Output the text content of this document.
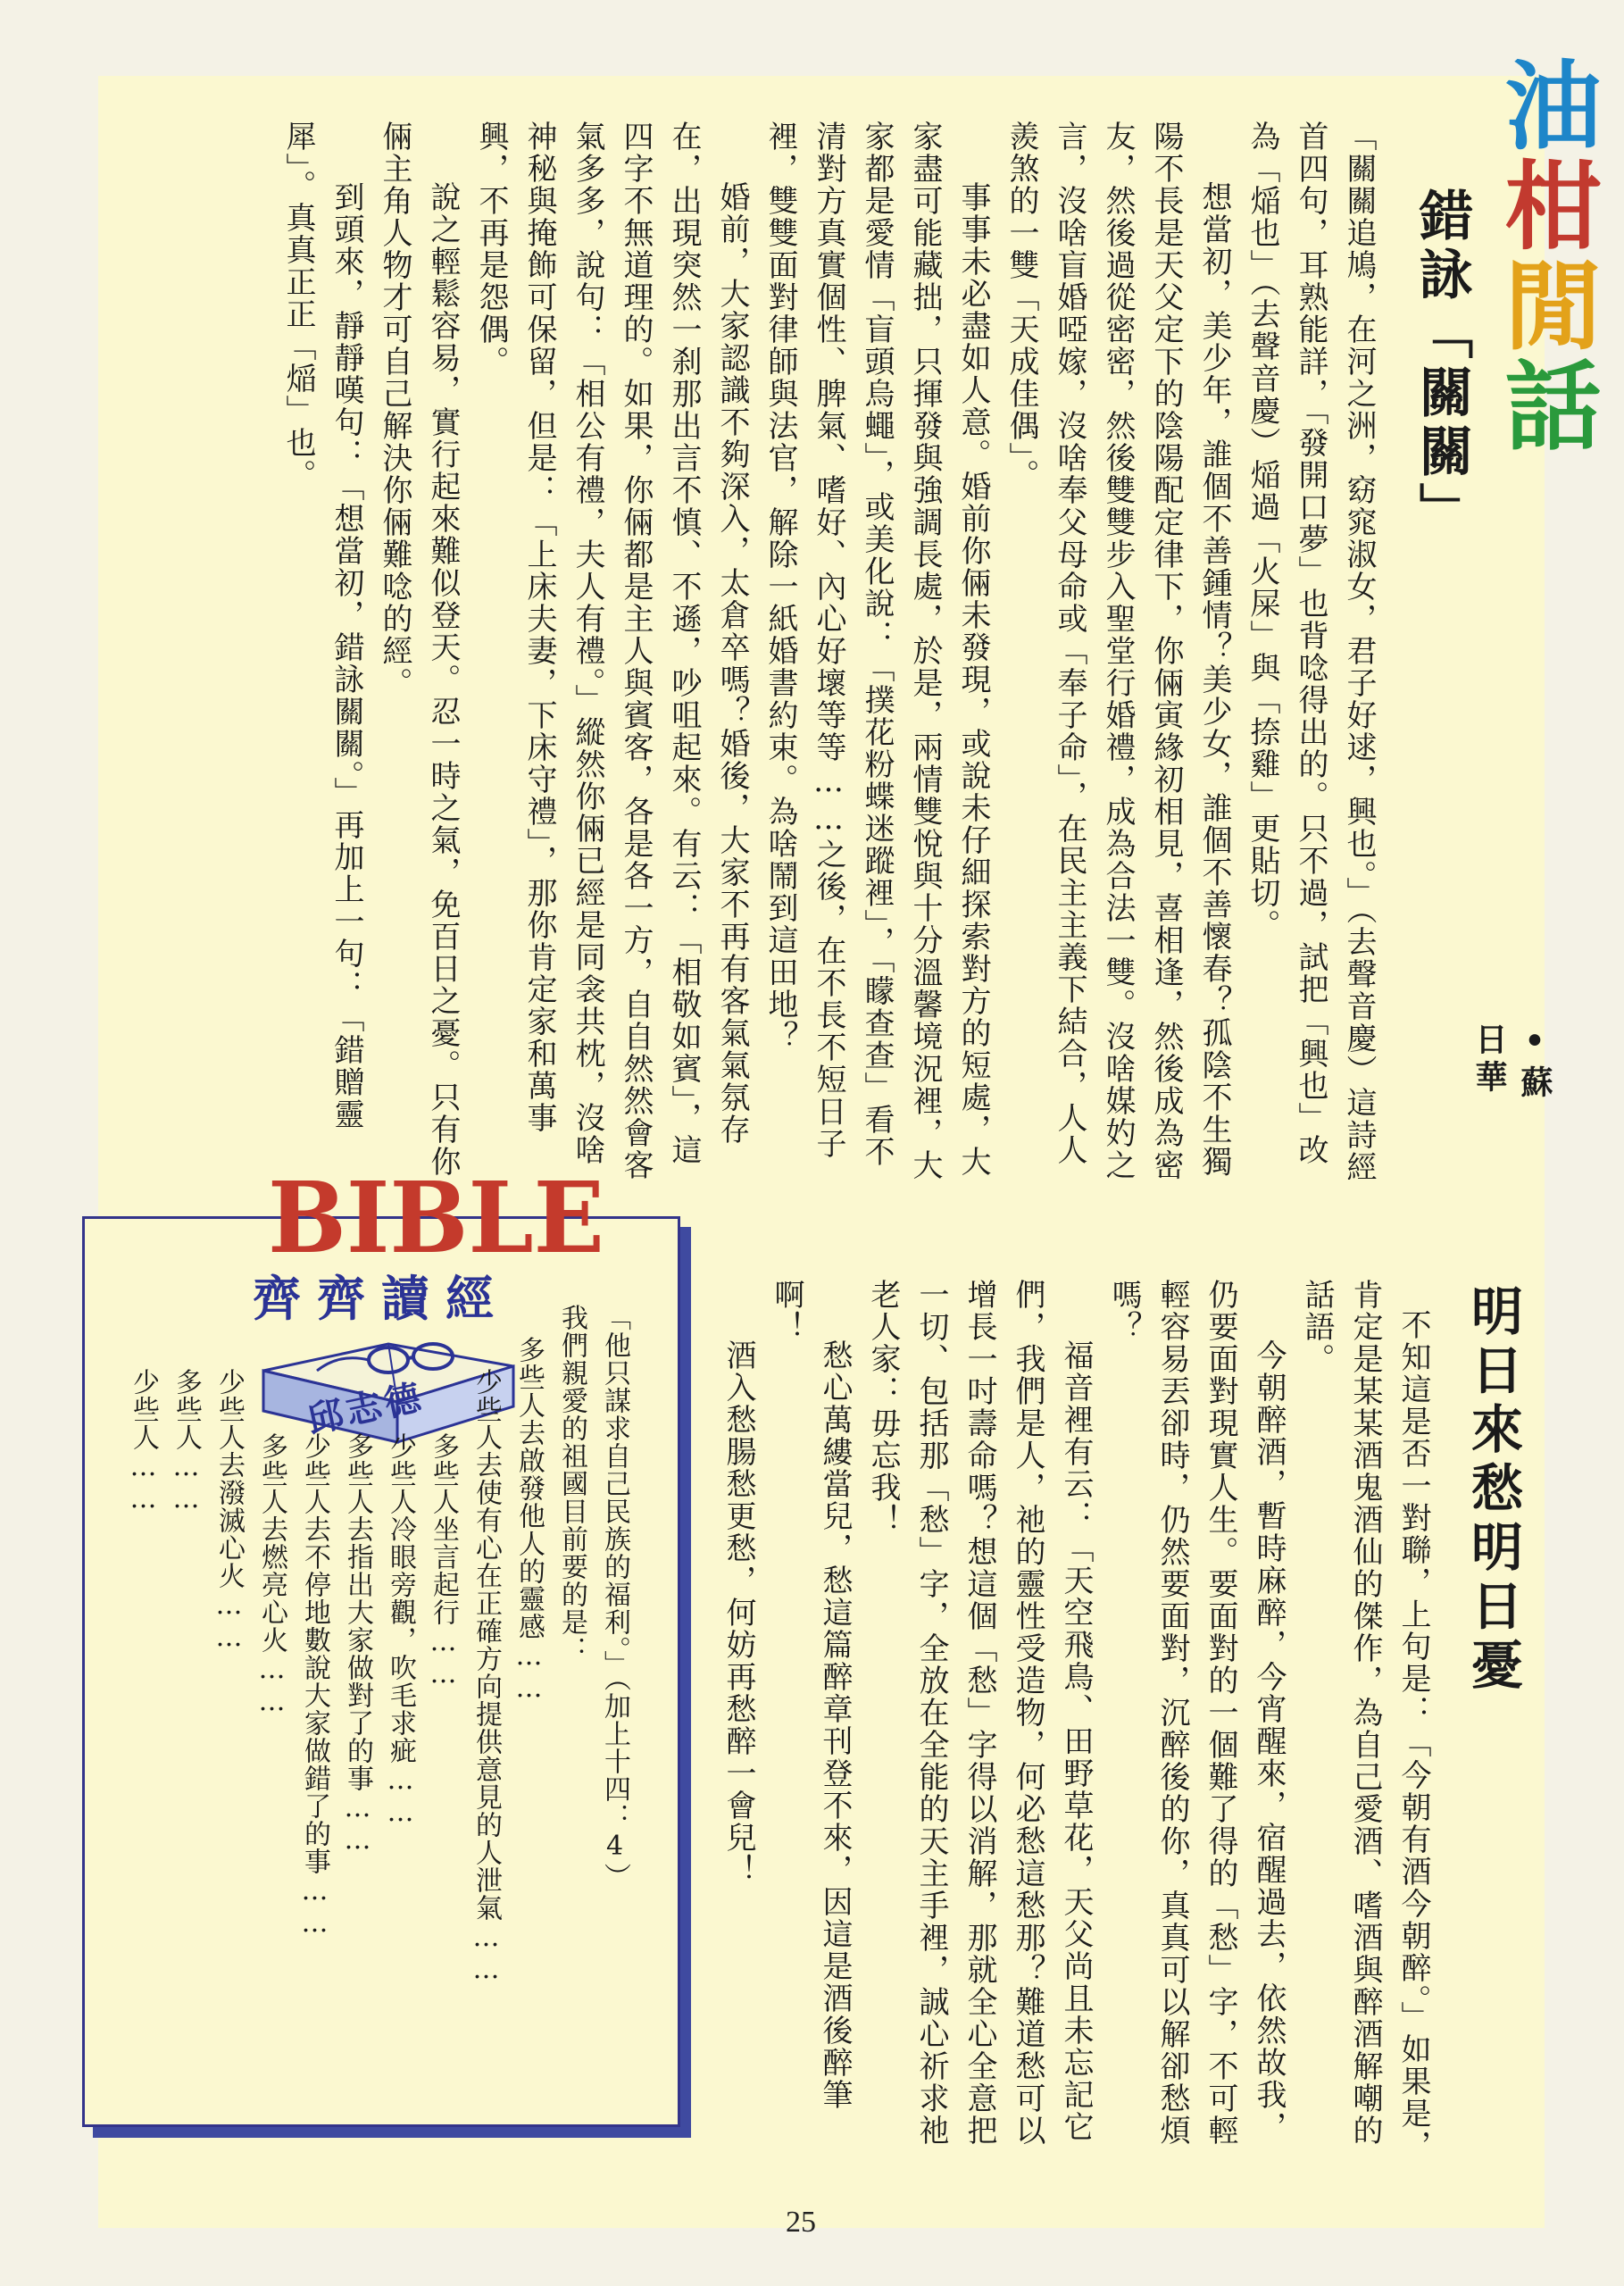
油柑閒話
錯詠「關關」
•蘇日華

「關關追鳩，在河之洲，窈窕淑女，君子好逑，興也。」（去聲音慶）這詩經首四句，耳熟能詳，「發開口夢」也背唸得出的。只不過，試把「興也」改為「㷔也」（去聲音慶）㷔過「火屎」與「捺雞」更貼切。

想當初，美少年，誰個不善鍾情？美少女，誰個不善懷春？孤陰不生獨陽不長是天父定下的陰陽配定律下，你倆寅緣初相見，喜相逢，然後成為密友，然後過從密密，然後雙雙步入聖堂行婚禮，成為合法一雙。沒啥媒妁之言，沒啥盲婚啞嫁，沒啥奉父母命或「奉子命」，在民主主義下結合，人人羨煞的一雙「天成佳偶」。

事事未必盡如人意。婚前你倆未發現，或說未仔細探索對方的短處，大家盡可能藏拙，只揮發與強調長處，於是，兩情雙悅與十分溫馨境況裡，大家都是愛情「盲頭烏蠅」，或美化說：「撲花粉蝶迷蹤裡」，「矇查查」看不清對方真實個性、脾氣、嗜好、內心好壞等等……之後，在不長不短日子裡，雙雙面對律師與法官，解除一紙婚書約束。為啥鬧到這田地？

婚前，大家認識不夠深入，太倉卒嗎？婚後，大家不再有客氣氣氛存在，出現突然一刹那出言不慎、不遜，吵咀起來。有云：「相敬如賓」，這四字不無道理的。如果，你倆都是主人與賓客，各是各一方，自自然然會客氣多多，說句：「相公有禮，夫人有禮。」縱然你倆已經是同衾共枕，沒啥神秘與掩飾可保留，但是：「上床夫妻，下床守禮」，那你肯定家和萬事興，不再是怨偶。

說之輕鬆容易，實行起來難似登天。忍一時之氣，免百日之憂。只有你倆主角人物才可自己解決你倆難唸的經。

到頭來，靜靜嘆句：「想當初，錯詠關關。」再加上一句：「錯贈靈犀」。真真正正「㷔」也。

明日來愁明日憂

不知這是否一對聯，上句是：「今朝有酒今朝醉。」如果是，肯定是某某酒鬼酒仙的傑作，為自己愛酒、嗜酒與醉酒解嘲的話語。

今朝醉酒，暫時麻醉，今宵醒來，宿醒過去，依然故我，仍要面對現實人生。要面對的一個難了得的「愁」字，不可輕輕容易丟卻時，仍然要面對，沉醉後的你，真真可以解卻愁煩嗎？

福音裡有云：「天空飛鳥、田野草花，天父尚且未忘記它們，我們是人，祂的靈性受造物，何必愁這愁那？難道愁可以增長一吋壽命嗎？想這個「愁」字得以消解，那就全心全意把一切、包括那「愁」字，全放在全能的天主手裡，誠心祈求祂老人家：毋忘我！

愁心萬縷當兒，愁這篇醉章刊登不來，因這是酒後醉筆啊！

酒入愁腸愁更愁，何妨再愁醉一會兒！

BIBLE
齊齊讀經
邱志德	「他只謀求自己民族的福利。」（加上十四：4）
我們親愛的祖國目前要的是：
多些人去啟發他人的靈感……
少些人去使有心在正確方向提供意見的人泄氣……
多些人坐言起行……
少些人冷眼旁觀，吹毛求疵……
多些人去指出大家做對了的事……
少些人去不停地數說大家做錯了的事……
多些人去燃亮心火……
少些人去潑滅心火……
多些人……
少些人……
25
